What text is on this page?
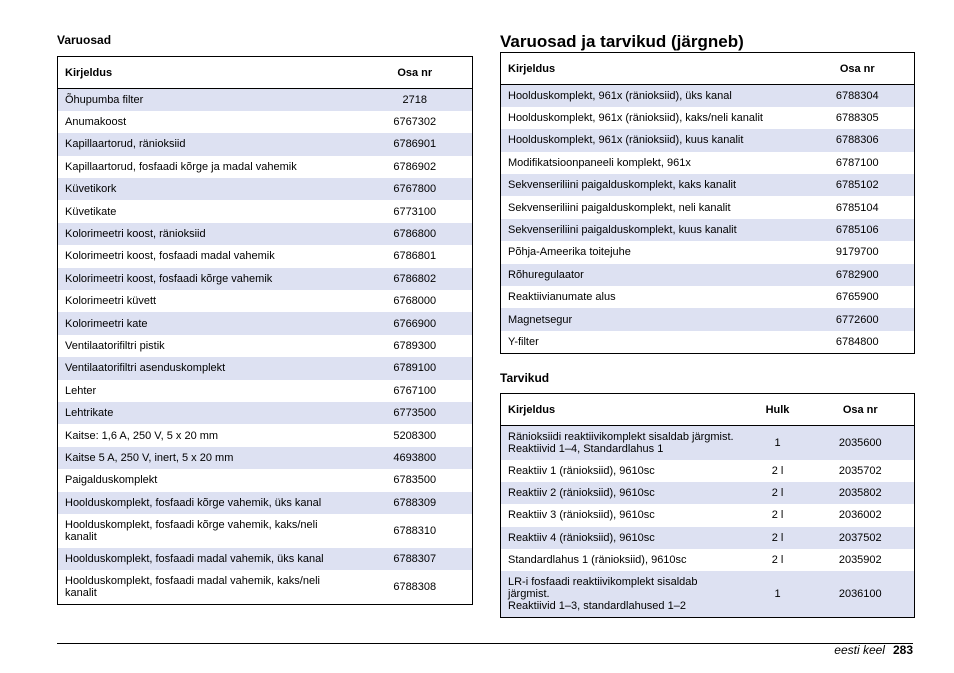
Varuosad
Kirjeldus	Osa nr
Õhupumba filter	2718
Anumakoost	6767302
Kapillaartorud, ränioksiid	6786901
Kapillaartorud, fosfaadi kõrge ja madal vahemik	6786902
Küvetikork	6767800
Küvetikate	6773100
Kolorimeetri koost, ränioksiid	6786800
Kolorimeetri koost, fosfaadi madal vahemik	6786801
Kolorimeetri koost, fosfaadi kõrge vahemik	6786802
Kolorimeetri küvett	6768000
Kolorimeetri kate	6766900
Ventilaatorifiltri pistik	6789300
Ventilaatorifiltri asenduskomplekt	6789100
Lehter	6767100
Lehtrikate	6773500
Kaitse: 1,6 A, 250 V, 5 x 20 mm	5208300
Kaitse 5 A, 250 V, inert, 5 x 20 mm	4693800
Paigalduskomplekt	6783500
Hoolduskomplekt, fosfaadi kõrge vahemik, üks kanal	6788309
Hoolduskomplekt, fosfaadi kõrge vahemik, kaks/neli kanalit	6788310
Hoolduskomplekt, fosfaadi madal vahemik, üks kanal	6788307
Hoolduskomplekt, fosfaadi madal vahemik, kaks/neli kanalit	6788308
Varuosad ja tarvikud (järgneb)
Kirjeldus	Osa nr
Hoolduskomplekt, 961x (ränioksiid), üks kanal	6788304
Hoolduskomplekt, 961x (ränioksiid), kaks/neli kanalit	6788305
Hoolduskomplekt, 961x (ränioksiid), kuus kanalit	6788306
Modifikatsioonpaneeli komplekt, 961x	6787100
Sekvenseriliini paigalduskomplekt, kaks kanalit	6785102
Sekvenseriliini paigalduskomplekt, neli kanalit	6785104
Sekvenseriliini paigalduskomplekt, kuus kanalit	6785106
Põhja-Ameerika toitejuhe	9179700
Rõhuregulaator	6782900
Reaktiivianumate alus	6765900
Magnetsegur	6772600
Y-filter	6784800
Tarvikud
Kirjeldus	Hulk	Osa nr
Ränioksiidi reaktiivikomplekt sisaldab järgmist.
Reaktiivid 1–4, Standardlahus 1	1	2035600
Reaktiiv 1 (ränioksiid), 9610sc	2 l	2035702
Reaktiiv 2 (ränioksiid), 9610sc	2 l	2035802
Reaktiiv 3 (ränioksiid), 9610sc	2 l	2036002
Reaktiiv 4 (ränioksiid), 9610sc	2 l	2037502
Standardlahus 1 (ränioksiid), 9610sc	2 l	2035902
LR-i fosfaadi reaktiivikomplekt sisaldab
järgmist.
Reaktiivid 1–3, standardlahused 1–2	1	2036100
eesti keel 283
